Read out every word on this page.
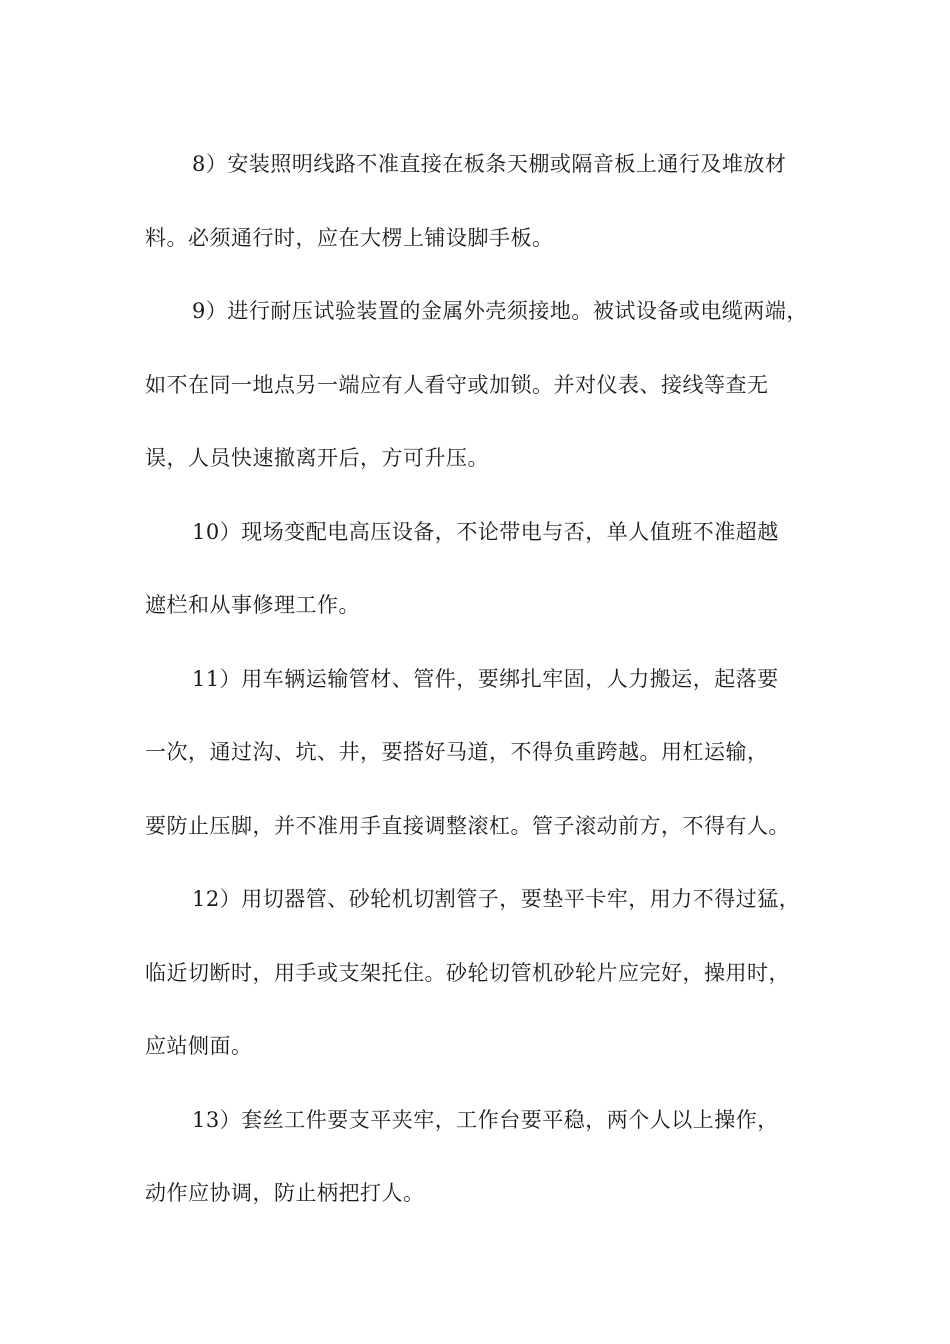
8）安装照明线路不准直接在板条天棚或隔音板上通行及堆放材
料。必须通行时，应在大楞上铺设脚手板。
9）进行耐压试验装置的金属外壳须接地。被试设备或电缆两端，
如不在同一地点另一端应有人看守或加锁。并对仪表、接线等查无
误，人员快速撤离开后，方可升压。
10）现场变配电高压设备，不论带电与否，单人值班不准超越
遮栏和从事修理工作。
11）用车辆运输管材、管件，要绑扎牢固，人力搬运，起落要
一次，通过沟、坑、井，要搭好马道，不得负重跨越。用杠运输，
要防止压脚，并不准用手直接调整滚杠。管子滚动前方，不得有人。
12）用切器管、砂轮机切割管子，要垫平卡牢，用力不得过猛，
临近切断时，用手或支架托住。砂轮切管机砂轮片应完好，操用时，
应站侧面。
13）套丝工件要支平夹牢，工作台要平稳，两个人以上操作，
动作应协调，防止柄把打人。
